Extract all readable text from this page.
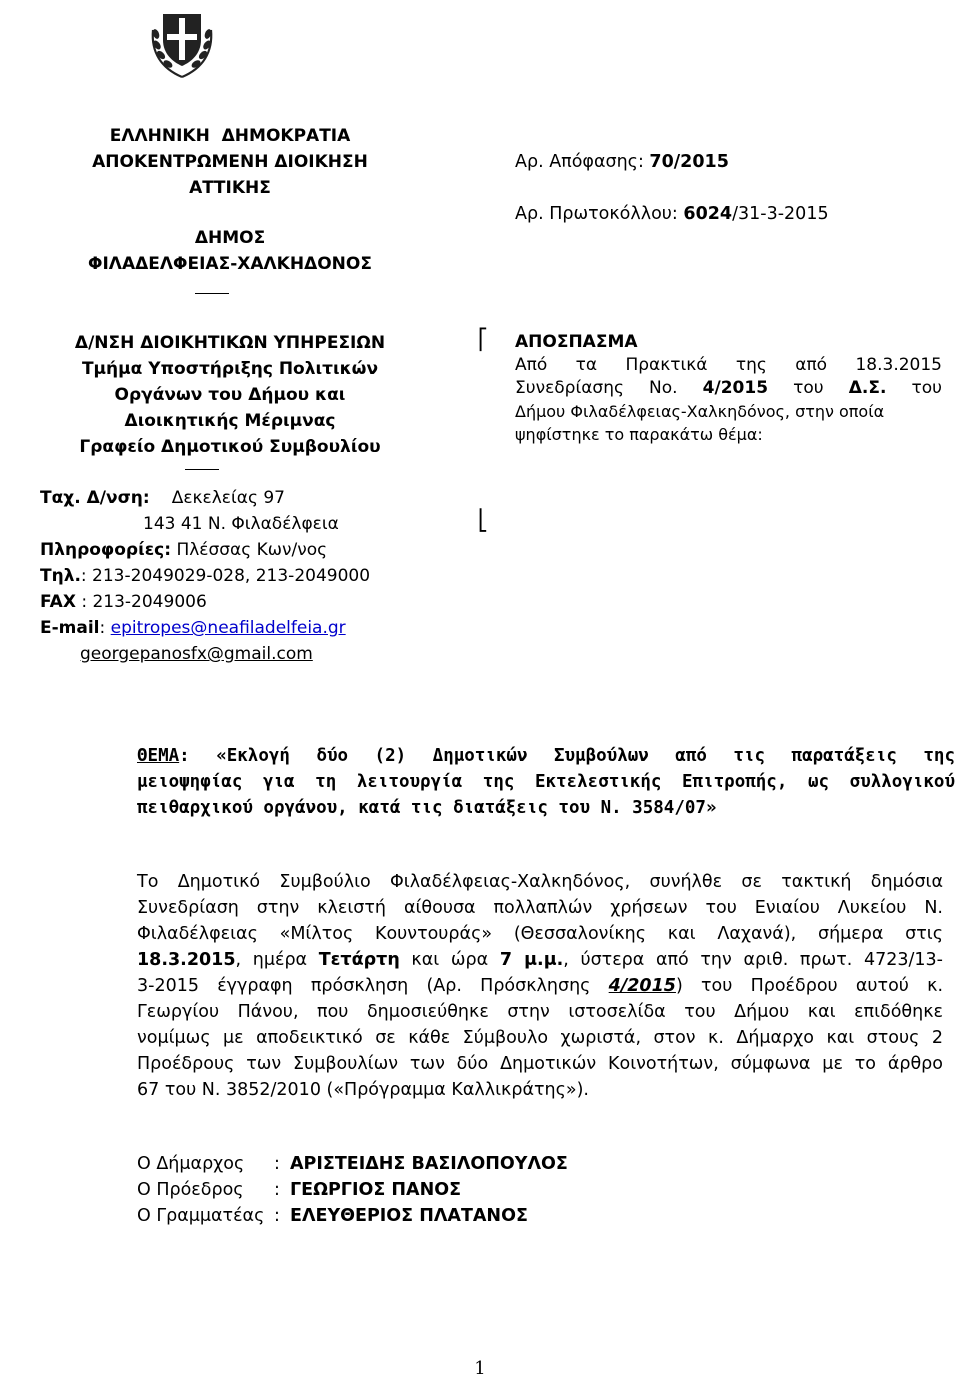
ΕΛΛΗΝΙΚΗ  ΔΗΜΟΚΡΑΤΙΑ
ΑΠΟΚΕΝΤΡΩΜΕΝΗ ΔΙΟΙΚΗΣΗ
ΑΤΤΙΚΗΣ
ΔΗΜΟΣ
ΦΙΛΑΔΕΛΦΕΙΑΣ-ΧΑΛΚΗΔΟΝΟΣ
Αρ. Απόφασης: 70/2015
Αρ. Πρωτοκόλλου: 6024/31-3-2015
Δ/ΝΣΗ ΔΙΟΙΚΗΤΙΚΩΝ ΥΠΗΡΕΣΙΩΝ
Τμήμα Υποστήριξης Πολιτικών
Οργάνων του Δήμου και
Διοικητικής Μέριμνας
Γραφείο Δημοτικού Συμβουλίου
Ταχ. Δ/νση: Δεκελείας 97
143 41 Ν. Φιλαδέλφεια
Πληροφορίες: Πλέσσας Κων/νος
Τηλ.: 213-2049029-028, 213-2049000
FAX : 213-2049006
E-mail: epitropes@neafiladelfeia.gr
georgepanosfx@gmail.com
⎡
⎣
ΑΠΟΣΠΑΣΜΑ
Από τα Πρακτικά της από 18.3.2015
Συνεδρίασης Νο. 4/2015 του Δ.Σ. του
Δήμου Φιλαδέλφειας-Χαλκηδόνος, στην οποία
ψηφίστηκε το παρακάτω θέμα:
ΘΕΜΑ: «Εκλογή δύο (2) Δημοτικών Συμβούλων από τις παρατάξεις της
μειοψηφίας για τη λειτουργία της Εκτελεστικής Επιτροπής, ως συλλογικού
πειθαρχικού οργάνου, κατά τις διατάξεις του Ν. 3584/07»
Το Δημοτικό Συμβούλιο Φιλαδέλφειας-Χαλκηδόνος, συνήλθε σε τακτική δημόσια
Συνεδρίαση στην κλειστή αίθουσα πολλαπλών χρήσεων του Ενιαίου Λυκείου Ν.
Φιλαδέλφειας «Μίλτος Κουντουράς» (Θεσσαλονίκης και Λαχανά), σήμερα στις
18.3.2015, ημέρα Τετάρτη και ώρα 7 μ.μ., ύστερα από την αριθ. πρωτ. 4723/13-
3-2015 έγγραφη πρόσκληση (Αρ. Πρόσκλησης 4/2015) του Προέδρου αυτού κ.
Γεωργίου Πάνου, που δημοσιεύθηκε στην ιστοσελίδα του Δήμου και επιδόθηκε
νομίμως με αποδεικτικό σε κάθε Σύμβουλο χωριστά, στον κ. Δήμαρχο και στους 2
Προέδρους των Συμβουλίων των δύο Δημοτικών Κοινοτήτων, σύμφωνα με το άρθρο
67 του Ν. 3852/2010 («Πρόγραμμα Καλλικράτης»).
Ο Δήμαρχος	: ΑΡΙΣΤΕΙΔΗΣ ΒΑΣΙΛΟΠΟΥΛΟΣ
Ο Πρόεδρος	: ΓΕΩΡΓΙΟΣ ΠΑΝΟΣ
Ο Γραμματέας : ΕΛΕΥΘΕΡΙΟΣ ΠΛΑΤΑΝΟΣ
1
